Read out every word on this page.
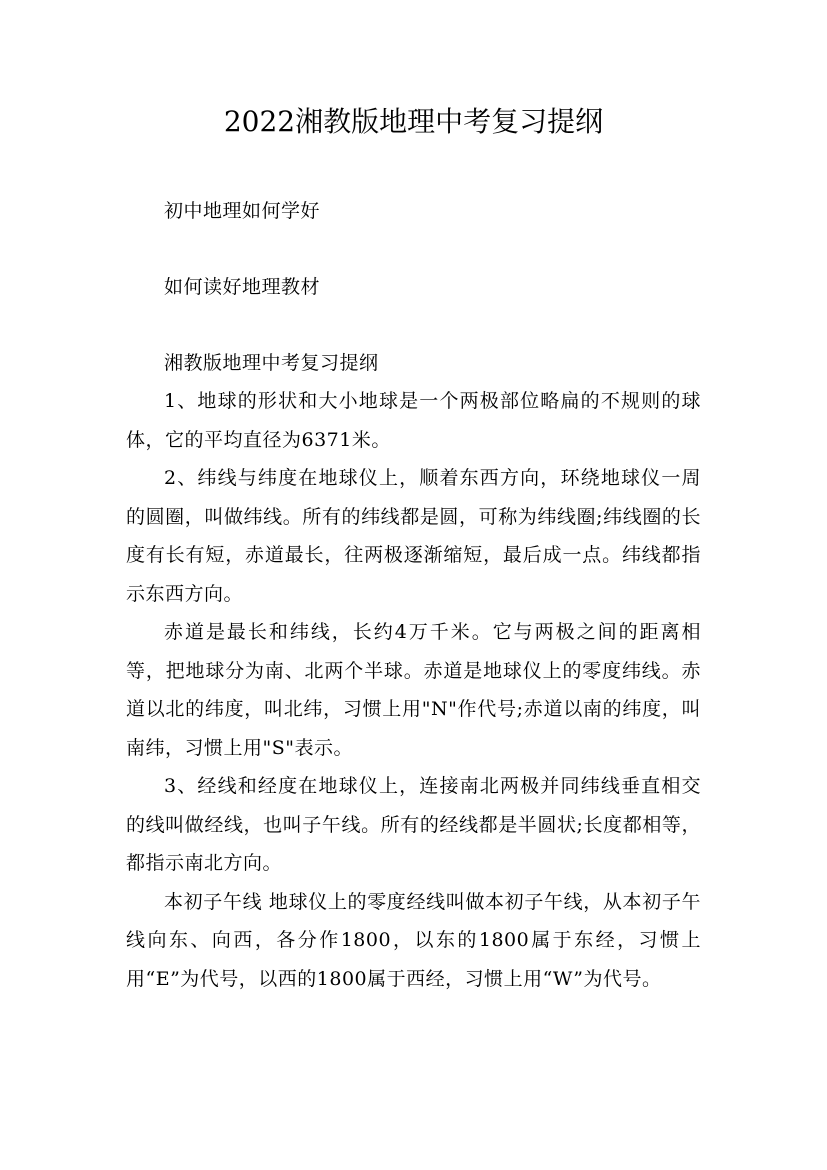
2022湘教版地理中考复习提纲

初中地理如何学好

如何读好地理教材

湘教版地理中考复习提纲

1、地球的形状和大小地球是一个两极部位略扁的不规则的球体，它的平均直径为6371米。

2、纬线与纬度在地球仪上，顺着东西方向，环绕地球仪一周的圆圈，叫做纬线。所有的纬线都是圆，可称为纬线圈;纬线圈的长度有长有短，赤道最长，往两极逐渐缩短，最后成一点。纬线都指示东西方向。

赤道是最长和纬线，长约4万千米。它与两极之间的距离相等，把地球分为南、北两个半球。赤道是地球仪上的零度纬线。赤道以北的纬度，叫北纬，习惯上用"N"作代号;赤道以南的纬度，叫南纬，习惯上用"S"表示。

3、经线和经度在地球仪上，连接南北两极并同纬线垂直相交的线叫做经线，也叫子午线。所有的经线都是半圆状;长度都相等，都指示南北方向。

本初子午线 地球仪上的零度经线叫做本初子午线，从本初子午线向东、向西，各分作1800，以东的1800属于东经，习惯上用“E”为代号，以西的1800属于西经，习惯上用“W”为代号。
